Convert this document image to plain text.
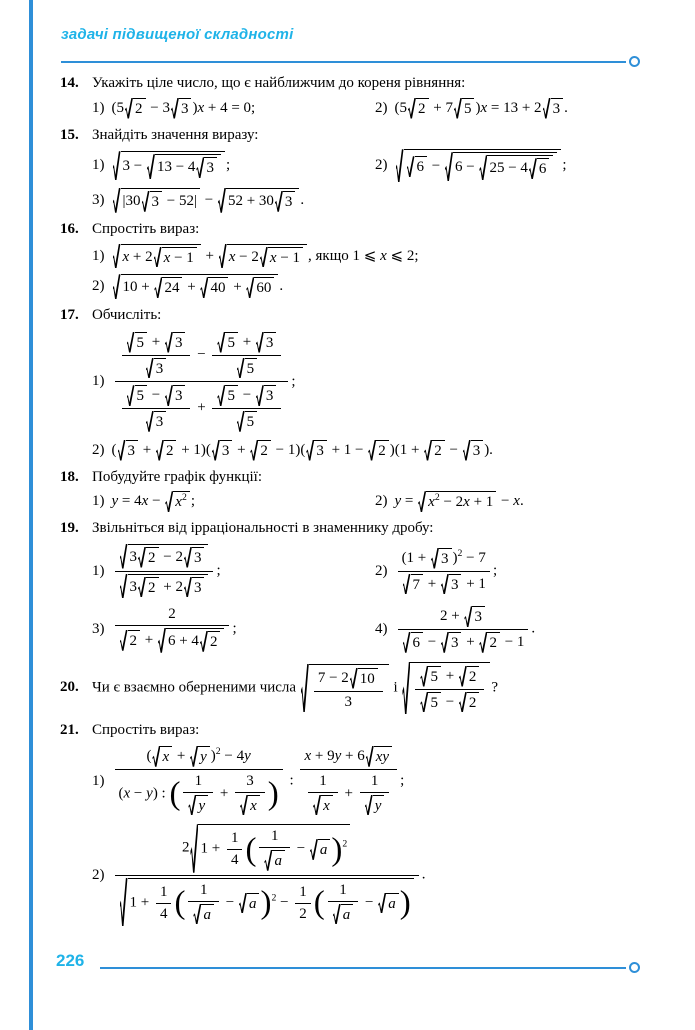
задачі підвищеної складності
14. Укажіть ціле число, що є найближчим до кореня рівняння:
1) (5 2 − 3 3 )x + 4 = 0;	2) (5 2 + 7 5 )x = 13 + 2 3 .
15. Знайдіть значення виразу:
1) 3 − 13 − 4 3 ;	2) 6 − 6 − 25 − 4 6 ;
3) |30 3 − 52| − 52 + 30 3 .
16. Спростіть вираз:
1) x + 2 x − 1 + x − 2 x − 1 , якщо 1 ⩽ x ⩽ 2;
2) 10 + 24 + 40 + 60 .
17. Обчисліть:
$1) \frac{\frac{5 + 3}{3} - \frac{5 + 3}{5}}{\frac{5 - 3}{3} + \frac{5 - 3}{5}}$ ;
2) ( 3 + 2 + 1)( 3 + 2 − 1)( 3 + 1 − 2 )(1 + 2 − 3 ).
18. Побудуйте графік функції:
1) $y = 4x - x^2$ ;	2) $y = x^2 - 2x + 1 - x$.
19. Звільніться від ірраціональності в знаменнику дробу:
$1) \frac{3 2 - 2 3}{3 2 + 2 3}$ ;	$2) \frac{(1 + 3 )^2 - 7}{7 + 3 + 1}$ ;
$3) \frac{2}{2 + 6 + 4 2}$ ;	$4) \frac{2 + 3}{6 - 3 + 2 - 1}$ .
20. Чи є взаємно оберненими числа $\frac{7 - 2 10}{3}$ і $\frac{5 + 2}{5 - 2}$ ?
21. Спростіть вираз:
$1) \frac{( x + y )^2 - 4y}{(x - y) : ( \frac{1}{y} + \frac{3}{x} )}$ : $\frac{x + 9y + 6 xy}{\frac{1}{x} + \frac{1}{y}}$ ;
$2) \frac{2 1 + \frac{1}{4} ( \frac{1}{a} - a )^2}{1 + \frac{1}{4} ( \frac{1}{a} - a )^2 - \frac{1}{2} ( \frac{1}{a} - a )}$ .
226
